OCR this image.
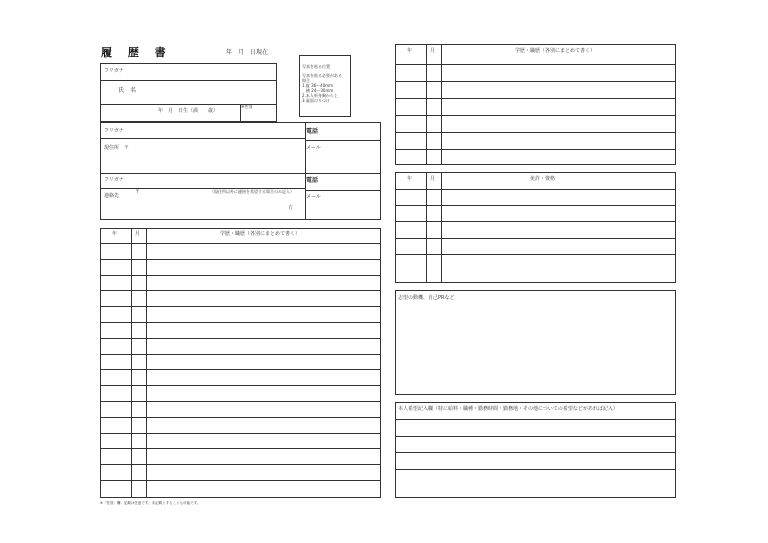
履 歴 書	年　月　日現在
写真を貼る位置
写真を貼る必要がある
場合
1.縦 36〜40mm
　横 24〜30mm
2.本人単身胸から上
3.裏面のりづけ
フリガナ
氏　名
年　月　日生（満　　歳）
※性別
フリガナ	電話
メール
現住所　〒
フリガナ	電話
メール
〒	（現住所以外に連絡を希望する場合のみ記入）
連絡先
方
年	月	学歴・職歴（各別にまとめて書く）
※「性別」欄：記載は任意です。未記載とすることも可能です。
年	月	学歴・職歴（各別にまとめて書く）
年	月	免許・資格
志望の動機、自己PRなど
本人希望記入欄（特に給料・職種・勤務時間・勤務地・その他についての希望などがあれば記入）
